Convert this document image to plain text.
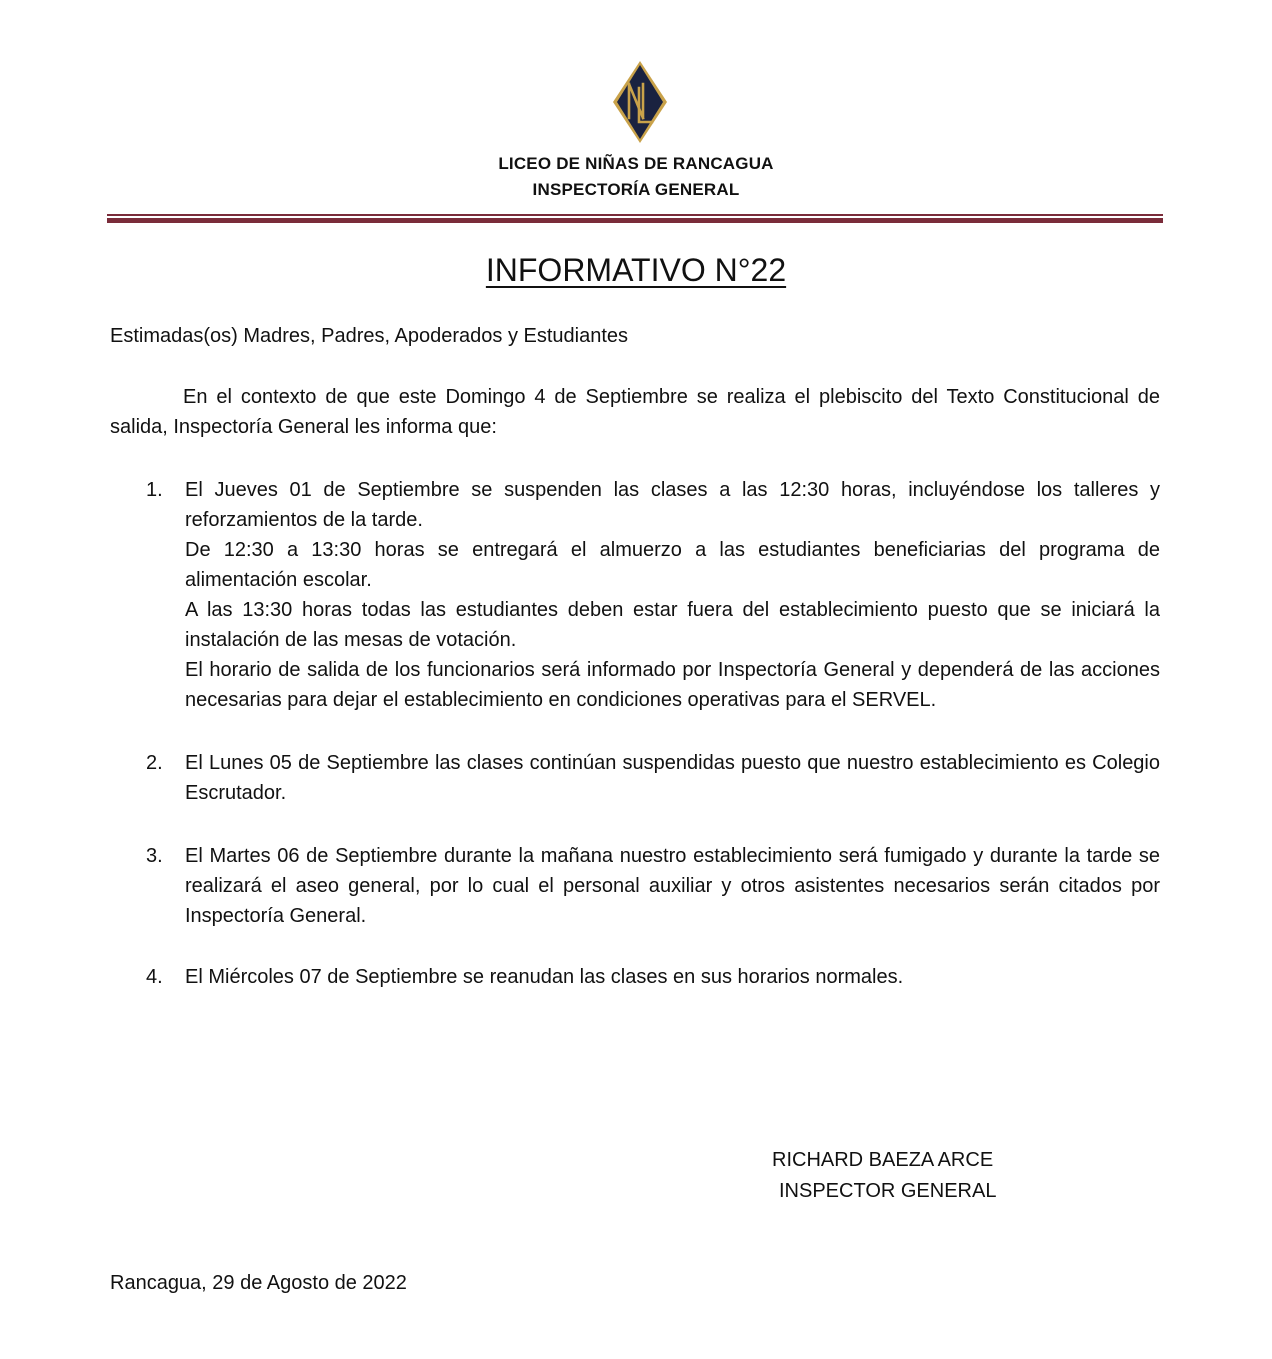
LICEO DE NIÑAS DE RANCAGUA
INSPECTORÍA GENERAL
INFORMATIVO N°22
Estimadas(os) Madres, Padres, Apoderados y Estudiantes

En el contexto de que este Domingo 4 de Septiembre se realiza el plebiscito del Texto Constitucional de salida, Inspectoría General les informa que:

1.	El Jueves 01 de Septiembre se suspenden las clases a las 12:30 horas, incluyéndose los talleres y reforzamientos de la tarde.

De 12:30 a 13:30 horas se entregará el almuerzo a las estudiantes beneficiarias del programa de alimentación escolar.

A las 13:30 horas todas las estudiantes deben estar fuera del establecimiento puesto que se iniciará la instalación de las mesas de votación.

El horario de salida de los funcionarios será informado por Inspectoría General y dependerá de las acciones necesarias para dejar el establecimiento en condiciones operativas para el SERVEL.

2.	El Lunes 05 de Septiembre las clases continúan suspendidas puesto que nuestro establecimiento es Colegio Escrutador.

3.	El Martes 06 de Septiembre durante la mañana nuestro establecimiento será fumigado y durante la tarde se realizará el aseo general, por lo cual el personal auxiliar y otros asistentes necesarios serán citados por Inspectoría General.

4.	El Miércoles 07 de Septiembre se reanudan las clases en sus horarios normales.

RICHARD BAEZA ARCE
INSPECTOR GENERAL
Rancagua, 29 de Agosto de 2022
